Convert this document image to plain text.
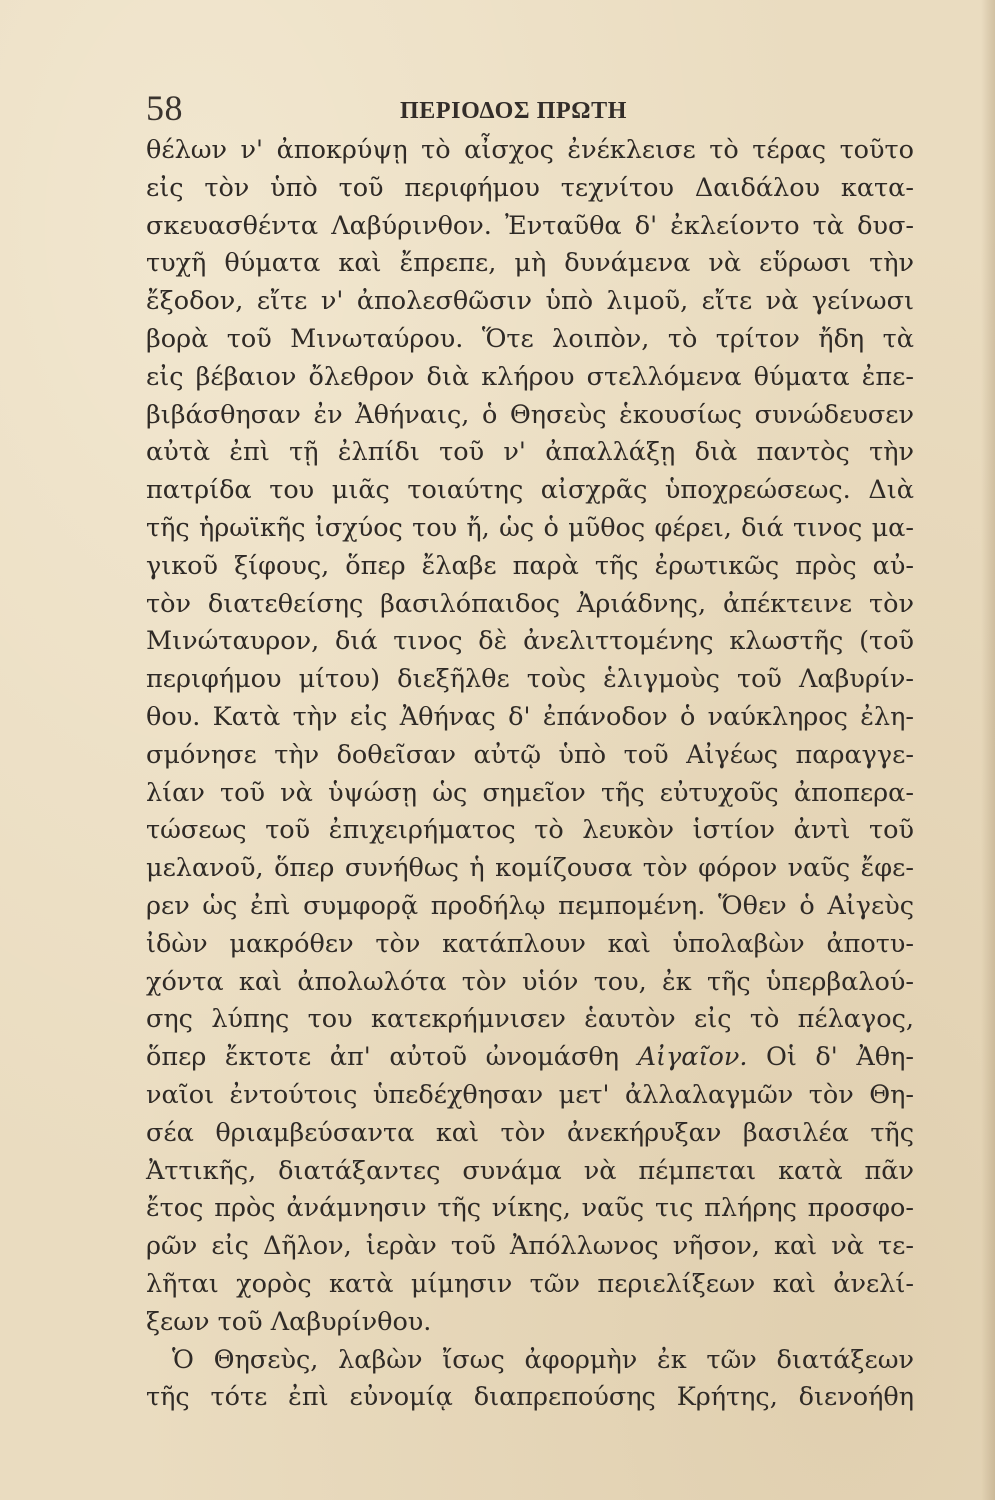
58	ΠΕΡΙΟΔΟΣ ΠΡΩΤΗ
θέλων ν' ἀποκρύψῃ τὸ αἶσχος ἐνέκλεισε τὸ τέρας τοῦτο
εἰς τὸν ὑπὸ τοῦ περιφήμου τεχνίτου Δαιδάλου κατα-
σκευασθέντα Λαβύρινθον. Ἐνταῦθα δ' ἐκλείοντο τὰ δυσ-
τυχῆ θύματα καὶ ἔπρεπε, μὴ δυνάμενα νὰ εὕρωσι τὴν
ἔξοδον, εἴτε ν' ἀπολεσθῶσιν ὑπὸ λιμοῦ, εἴτε νὰ γείνωσι
βορὰ τοῦ Μινωταύρου. Ὅτε λοιπὸν, τὸ τρίτον ἤδη τὰ
εἰς βέβαιον ὄλεθρον διὰ κλήρου στελλόμενα θύματα ἐπε-
βιβάσθησαν ἐν Ἀθήναις, ὁ Θησεὺς ἑκουσίως συνώδευσεν
αὐτὰ ἐπὶ τῇ ἐλπίδι τοῦ ν' ἀπαλλάξῃ διὰ παντὸς τὴν
πατρίδα του μιᾶς τοιαύτης αἰσχρᾶς ὑποχρεώσεως. Διὰ
τῆς ἡρωϊκῆς ἰσχύος του ἤ, ὡς ὁ μῦθος φέρει, διά τινος μα-
γικοῦ ξίφους, ὅπερ ἔλαβε παρὰ τῆς ἐρωτικῶς πρὸς αὐ-
τὸν διατεθείσης βασιλόπαιδος Ἀριάδνης, ἀπέκτεινε τὸν
Μινώταυρον, διά τινος δὲ ἀνελιττομένης κλωστῆς (τοῦ
περιφήμου μίτου) διεξῆλθε τοὺς ἑλιγμοὺς τοῦ Λαβυρίν-
θου. Κατὰ τὴν εἰς Ἀθήνας δ' ἐπάνοδον ὁ ναύκληρος ἐλη-
σμόνησε τὴν δοθεῖσαν αὐτῷ ὑπὸ τοῦ Αἰγέως παραγγε-
λίαν τοῦ νὰ ὑψώσῃ ὡς σημεῖον τῆς εὐτυχοῦς ἀποπερα-
τώσεως τοῦ ἐπιχειρήματος τὸ λευκὸν ἱστίον ἀντὶ τοῦ
μελανοῦ, ὅπερ συνήθως ἡ κομίζουσα τὸν φόρον ναῦς ἔφε-
ρεν ὡς ἐπὶ συμφορᾷ προδήλῳ πεμπομένη. Ὅθεν ὁ Αἰγεὺς
ἰδὼν μακρόθεν τὸν κατάπλουν καὶ ὑπολαβὼν ἀποτυ-
χόντα καὶ ἀπολωλότα τὸν υἱόν του, ἐκ τῆς ὑπερβαλού-
σης λύπης του κατεκρήμνισεν ἑαυτὸν εἰς τὸ πέλαγος,
ὅπερ ἔκτοτε ἀπ' αὐτοῦ ὠνομάσθη Αἰγαῖον. Οἱ δ' Ἀθη-
ναῖοι ἐντούτοις ὑπεδέχθησαν μετ' ἀλλαλαγμῶν τὸν Θη-
σέα θριαμβεύσαντα καὶ τὸν ἀνεκήρυξαν βασιλέα τῆς
Ἀττικῆς, διατάξαντες συνάμα νὰ πέμπεται κατὰ πᾶν
ἔτος πρὸς ἀνάμνησιν τῆς νίκης, ναῦς τις πλήρης προσφο-
ρῶν εἰς Δῆλον, ἱερὰν τοῦ Ἀπόλλωνος νῆσον, καὶ νὰ τε-
λῆται χορὸς κατὰ μίμησιν τῶν περιελίξεων καὶ ἀνελί-
ξεων τοῦ Λαβυρίνθου.
Ὁ Θησεὺς, λαβὼν ἴσως ἀφορμὴν ἐκ τῶν διατάξεων
τῆς τότε ἐπὶ εὐνομίᾳ διαπρεπούσης Κρήτης, διενοήθη
